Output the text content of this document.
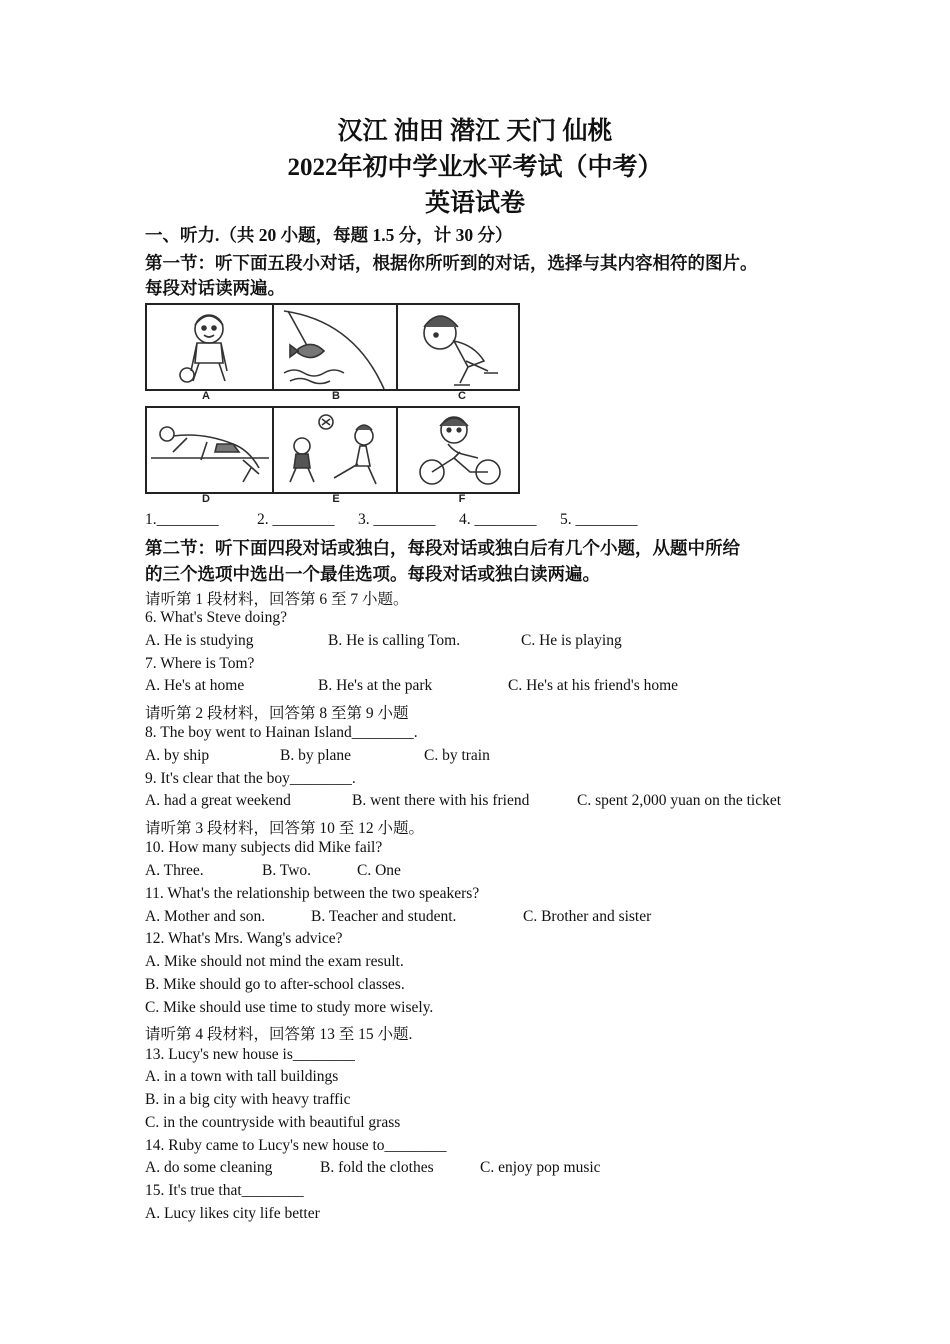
汉江 油田 潜江 天门 仙桃
2022年初中学业水平考试（中考）
英语试卷
一、听力.（共 20 小题，每题 1.5 分，计 30 分）
第一节：听下面五段小对话，根据你所听到的对话，选择与其内容相符的图片。
每段对话读两遍。
A	B	C
D	E	F
1.________ 2. ________ 3. ________ 4. ________ 5. ________
第二节：听下面四段对话或独白，每段对话或独白后有几个小题，从题中所给
的三个选项中选出一个最佳选项。每段对话或独白读两遍。
请听第 1 段材料，回答第 6 至 7 小题。
6. What's Steve doing?
A. He is studying	B. He is calling Tom.	C. He is playing
7. Where is Tom?
A. He's at home	B. He's at the park	C. He's at his friend's home
请听第 2 段材料，回答第 8 至第 9 小题
8. The boy went to Hainan Island________.
A. by ship	B. by plane	C. by train
9. It's clear that the boy________.
A. had a great weekend	B. went there with his friend	C. spent 2,000 yuan on the ticket
请听第 3 段材料，回答第 10 至 12 小题。
10. How many subjects did Mike fail?
A. Three.	B. Two.	C. One
11. What's the relationship between the two speakers?
A. Mother and son.	B. Teacher and student.	C. Brother and sister
12. What's Mrs. Wang's advice?
A. Mike should not mind the exam result.
B. Mike should go to after-school classes.
C. Mike should use time to study more wisely.
请听第 4 段材料，回答第 13 至 15 小题.
13. Lucy's new house is________
A. in a town with tall buildings
B. in a big city with heavy traffic
C. in the countryside with beautiful grass
14. Ruby came to Lucy's new house to________
A. do some cleaning	B. fold the clothes	C. enjoy pop music
15. It's true that________
A. Lucy likes city life better
